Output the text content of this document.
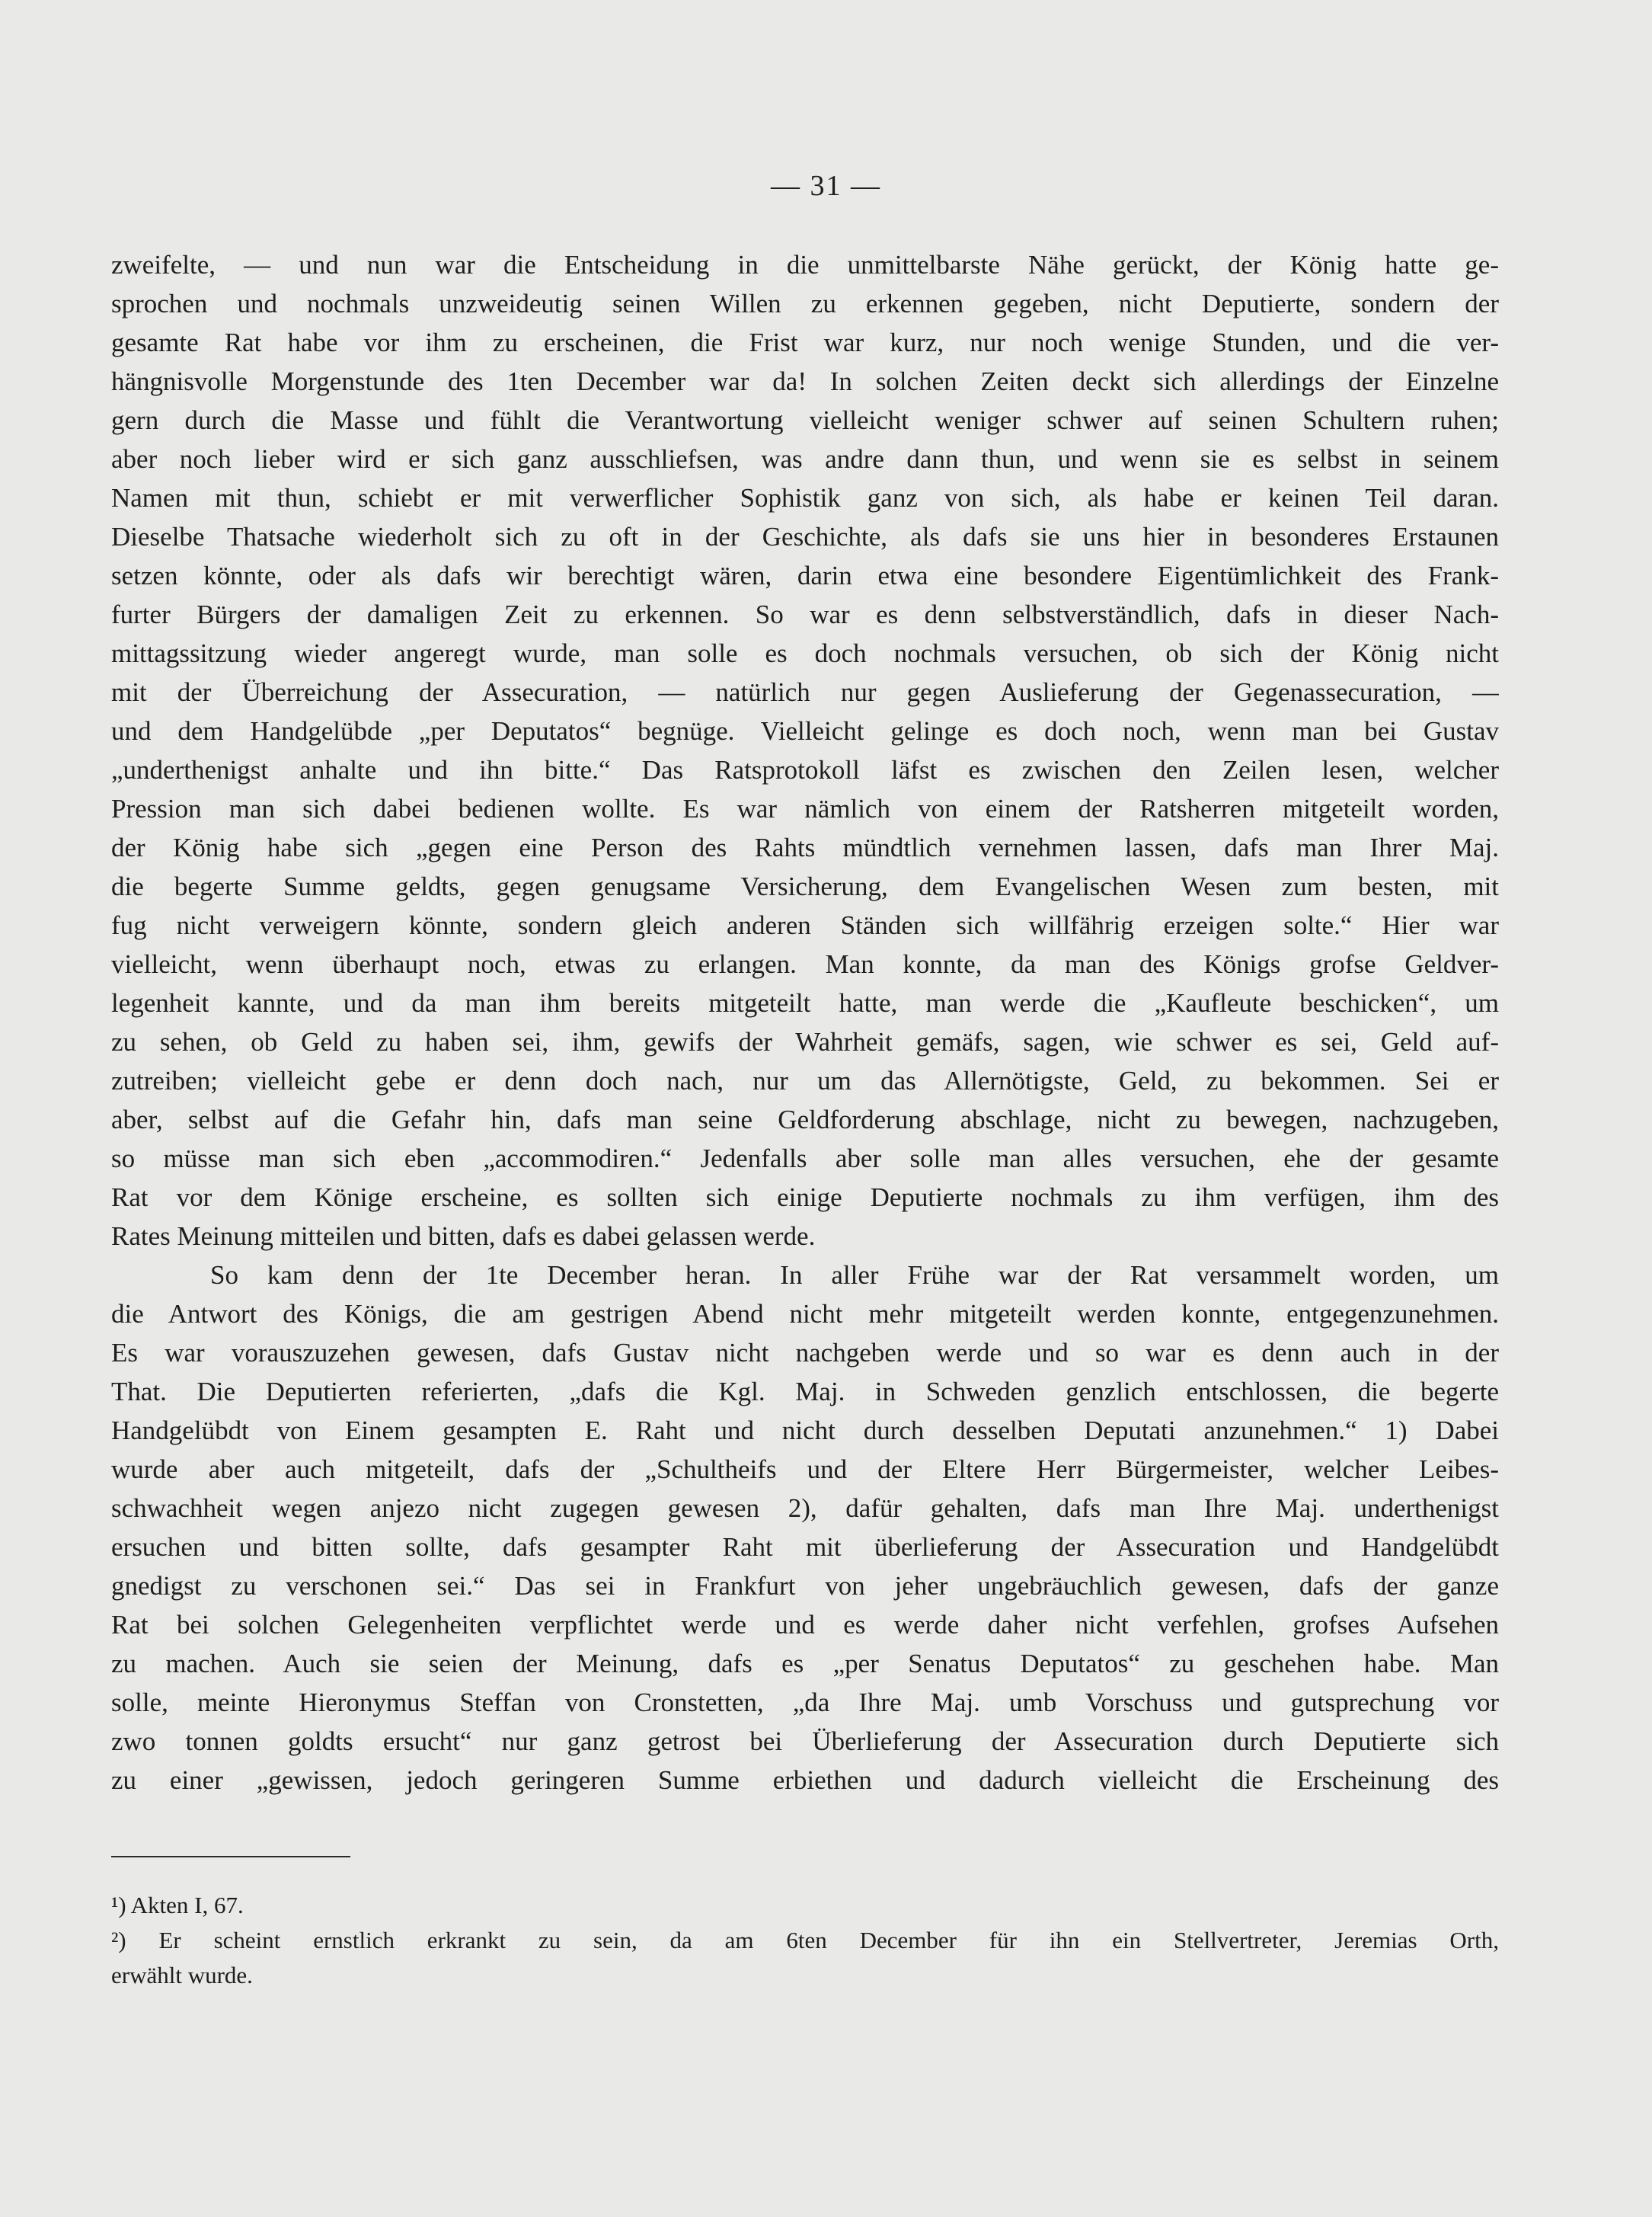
— 31 —
zweifelte, — und nun war die Entscheidung in die unmittelbarste Nähe gerückt, der König hatte ge-
sprochen und nochmals unzweideutig seinen Willen zu erkennen gegeben, nicht Deputierte, sondern der
gesamte Rat habe vor ihm zu erscheinen, die Frist war kurz, nur noch wenige Stunden, und die ver-
hängnisvolle Morgenstunde des 1ten December war da! In solchen Zeiten deckt sich allerdings der Einzelne
gern durch die Masse und fühlt die Verantwortung vielleicht weniger schwer auf seinen Schultern ruhen;
aber noch lieber wird er sich ganz ausschliefsen, was andre dann thun, und wenn sie es selbst in seinem
Namen mit thun, schiebt er mit verwerflicher Sophistik ganz von sich, als habe er keinen Teil daran.
Dieselbe Thatsache wiederholt sich zu oft in der Geschichte, als dafs sie uns hier in besonderes Erstaunen
setzen könnte, oder als dafs wir berechtigt wären, darin etwa eine besondere Eigentümlichkeit des Frank-
furter Bürgers der damaligen Zeit zu erkennen. So war es denn selbstverständlich, dafs in dieser Nach-
mittagssitzung wieder angeregt wurde, man solle es doch nochmals versuchen, ob sich der König nicht
mit der Überreichung der Assecuration, — natürlich nur gegen Auslieferung der Gegenassecuration, —
und dem Handgelübde „per Deputatos“ begnüge. Vielleicht gelinge es doch noch, wenn man bei Gustav
„underthenigst anhalte und ihn bitte.“ Das Ratsprotokoll läfst es zwischen den Zeilen lesen, welcher
Pression man sich dabei bedienen wollte. Es war nämlich von einem der Ratsherren mitgeteilt worden,
der König habe sich „gegen eine Person des Rahts mündtlich vernehmen lassen, dafs man Ihrer Maj.
die begerte Summe geldts, gegen genugsame Versicherung, dem Evangelischen Wesen zum besten, mit
fug nicht verweigern könnte, sondern gleich anderen Ständen sich willfährig erzeigen solte.“ Hier war
vielleicht, wenn überhaupt noch, etwas zu erlangen. Man konnte, da man des Königs grofse Geldver-
legenheit kannte, und da man ihm bereits mitgeteilt hatte, man werde die „Kaufleute beschicken“, um
zu sehen, ob Geld zu haben sei, ihm, gewifs der Wahrheit gemäfs, sagen, wie schwer es sei, Geld auf-
zutreiben; vielleicht gebe er denn doch nach, nur um das Allernötigste, Geld, zu bekommen. Sei er
aber, selbst auf die Gefahr hin, dafs man seine Geldforderung abschlage, nicht zu bewegen, nachzugeben,
so müsse man sich eben „accommodiren.“ Jedenfalls aber solle man alles versuchen, ehe der gesamte
Rat vor dem Könige erscheine, es sollten sich einige Deputierte nochmals zu ihm verfügen, ihm des
Rates Meinung mitteilen und bitten, dafs es dabei gelassen werde.
So kam denn der 1te December heran. In aller Frühe war der Rat versammelt worden, um
die Antwort des Königs, die am gestrigen Abend nicht mehr mitgeteilt werden konnte, entgegenzunehmen.
Es war vorauszuzehen gewesen, dafs Gustav nicht nachgeben werde und so war es denn auch in der
That. Die Deputierten referierten, „dafs die Kgl. Maj. in Schweden genzlich entschlossen, die begerte
Handgelübdt von Einem gesampten E. Raht und nicht durch desselben Deputati anzunehmen.“ 1) Dabei
wurde aber auch mitgeteilt, dafs der „Schultheifs und der Eltere Herr Bürgermeister, welcher Leibes-
schwachheit wegen anjezo nicht zugegen gewesen 2), dafür gehalten, dafs man Ihre Maj. underthenigst
ersuchen und bitten sollte, dafs gesampter Raht mit überlieferung der Assecuration und Handgelübdt
gnedigst zu verschonen sei.“ Das sei in Frankfurt von jeher ungebräuchlich gewesen, dafs der ganze
Rat bei solchen Gelegenheiten verpflichtet werde und es werde daher nicht verfehlen, grofses Aufsehen
zu machen. Auch sie seien der Meinung, dafs es „per Senatus Deputatos“ zu geschehen habe. Man
solle, meinte Hieronymus Steffan von Cronstetten, „da Ihre Maj. umb Vorschuss und gutsprechung vor
zwo tonnen goldts ersucht“ nur ganz getrost bei Überlieferung der Assecuration durch Deputierte sich
zu einer „gewissen, jedoch geringeren Summe erbiethen und dadurch vielleicht die Erscheinung des
¹) Akten I, 67.
²) Er scheint ernstlich erkrankt zu sein, da am 6ten December für ihn ein Stellvertreter, Jeremias Orth,
erwählt wurde.
